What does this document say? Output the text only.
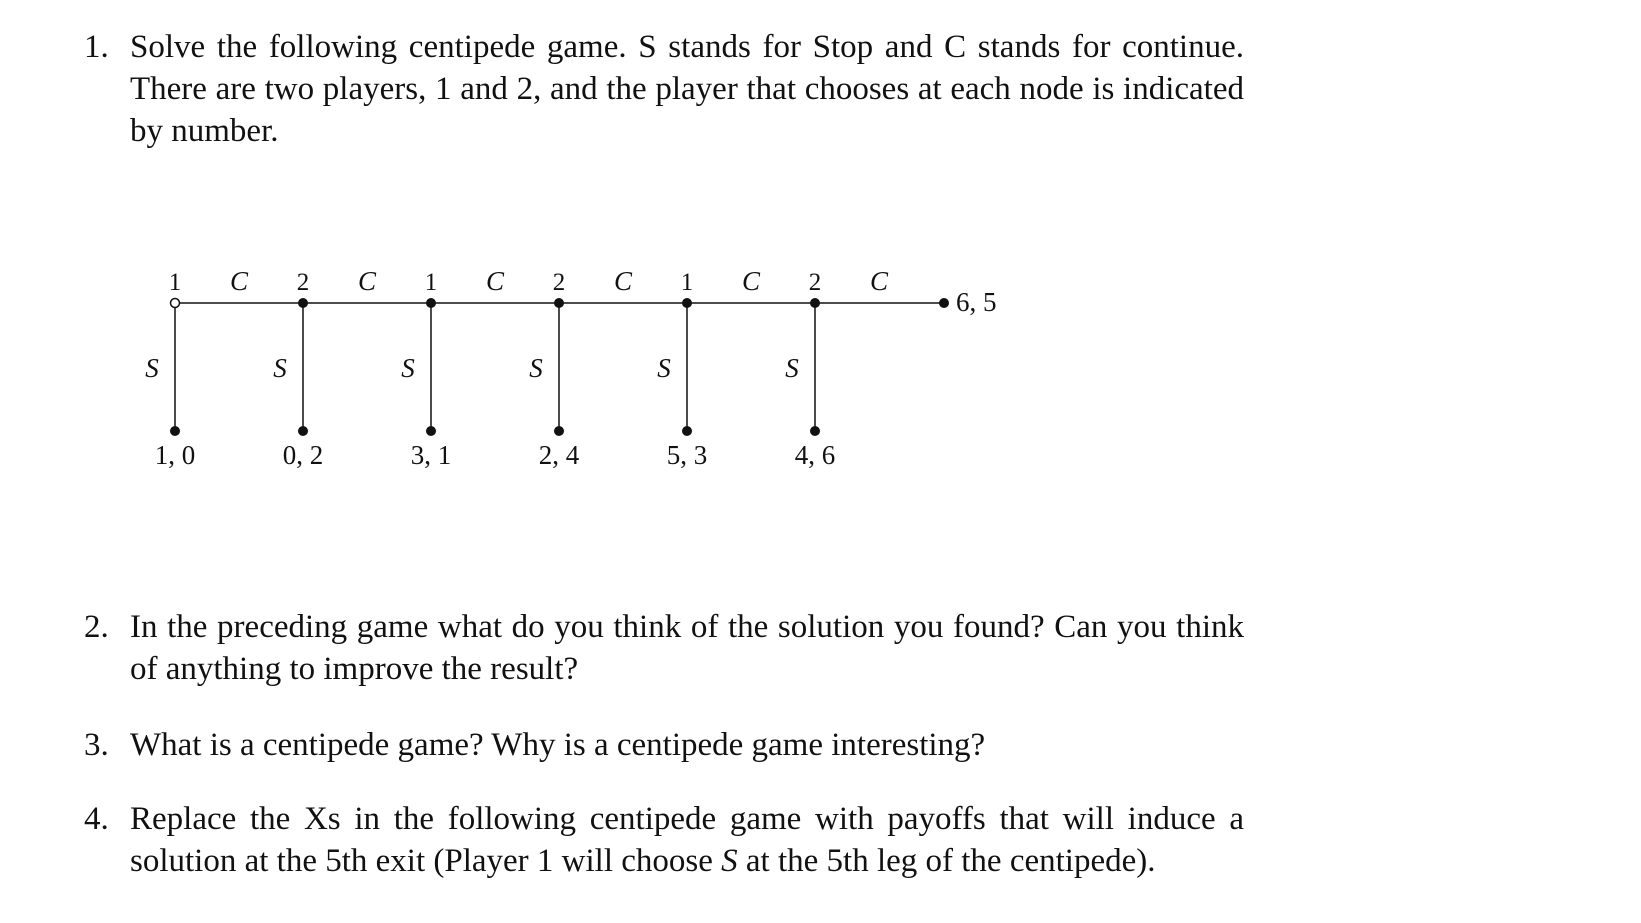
1. Solve the following centipede game. S stands for Stop and C stands for continue. There are two players, 1 and 2, and the player that chooses at each node is indicated by number.
1 C
S
1, 0
2 C
S
0, 2
1 C
S
3, 1
2 C
S
2, 4
1 C
S
5, 3
2 C
S
4, 6
6, 5
2. In the preceding game what do you think of the solution you found? Can you think of anything to improve the result?
3. What is a centipede game? Why is a centipede game interesting?
4. Replace the Xs in the following centipede game with payoffs that will induce a solution at the 5th exit (Player 1 will choose S at the 5th leg of the centipede).
